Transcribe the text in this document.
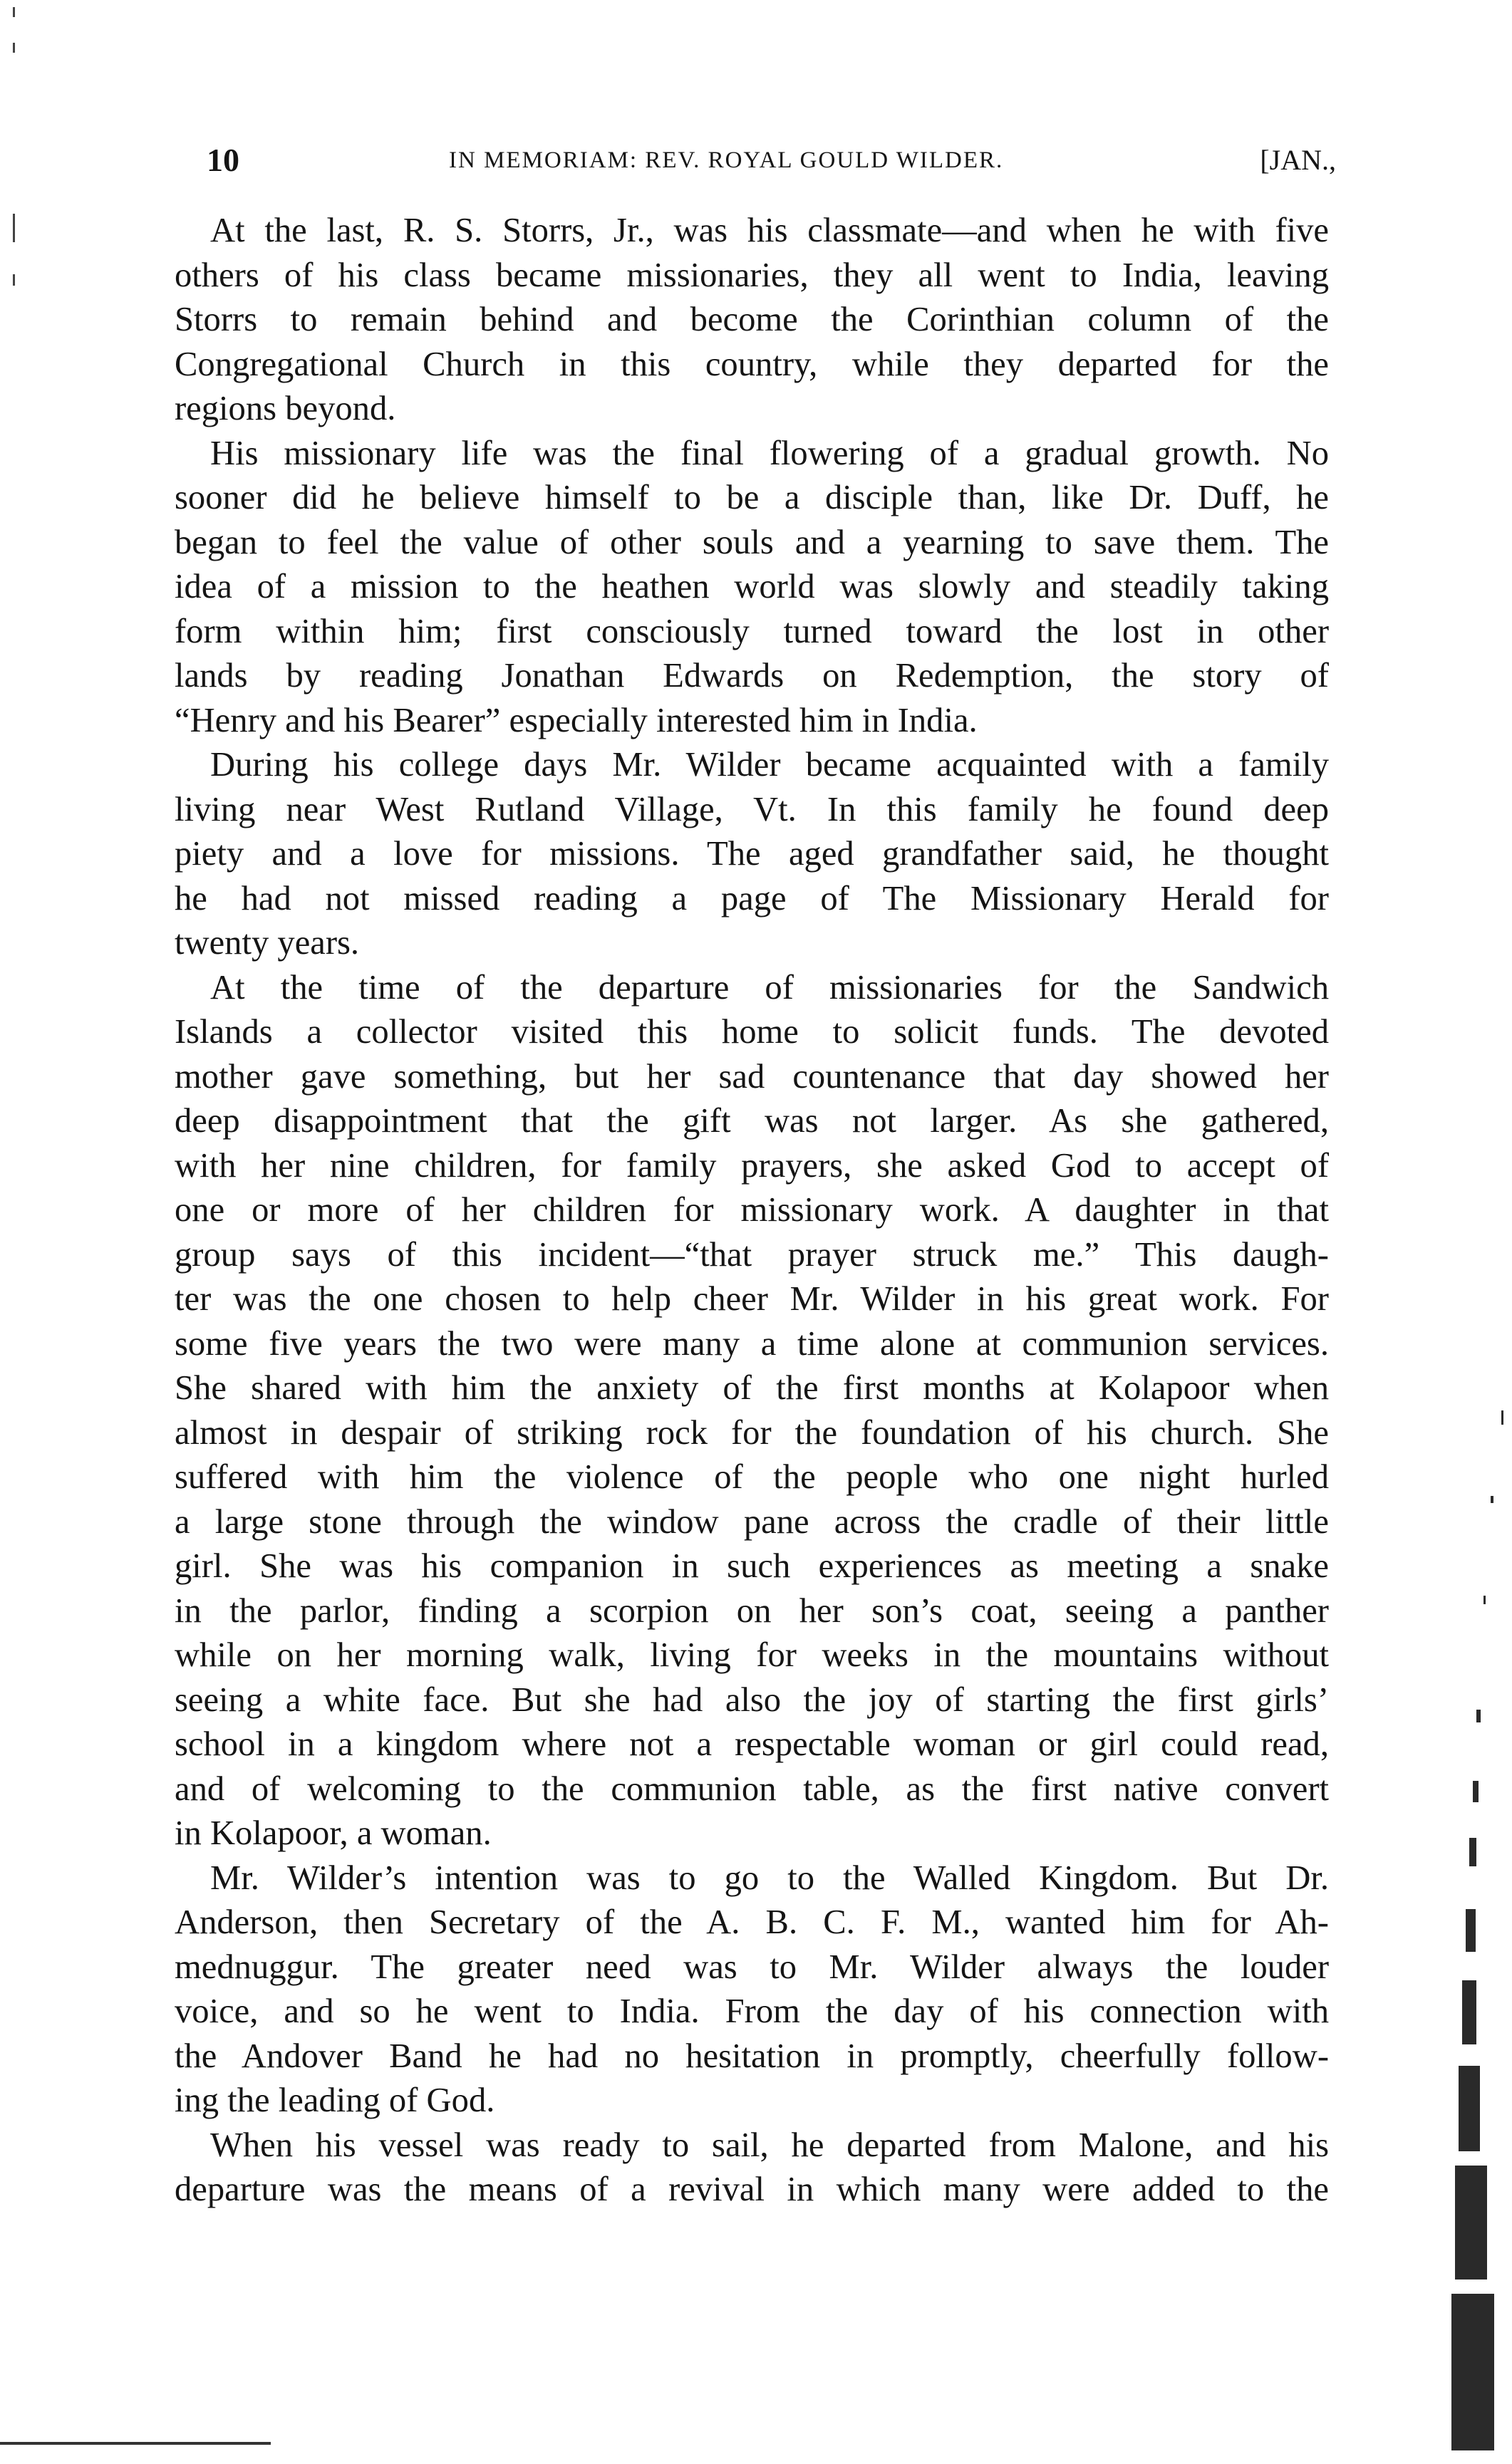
10	IN MEMORIAM: REV. ROYAL GOULD WILDER.	[JAN.,

At the last, R. S. Storrs, Jr., was his classmate—and when he with five
others of his class became missionaries, they all went to India, leaving
Storrs to remain behind and become the Corinthian column of the
Congregational Church in this country, while they departed for the
regions beyond.

His missionary life was the final flowering of a gradual growth. No
sooner did he believe himself to be a disciple than, like Dr. Duff, he
began to feel the value of other souls and a yearning to save them. The
idea of a mission to the heathen world was slowly and steadily taking
form within him; first consciously turned toward the lost in other
lands by reading Jonathan Edwards on Redemption, the story of
“Henry and his Bearer” especially interested him in India.

During his college days Mr. Wilder became acquainted with a family
living near West Rutland Village, Vt. In this family he found deep
piety and a love for missions. The aged grandfather said, he thought
he had not missed reading a page of The Missionary Herald for
twenty years.

At the time of the departure of missionaries for the Sandwich
Islands a collector visited this home to solicit funds. The devoted
mother gave something, but her sad countenance that day showed her
deep disappointment that the gift was not larger. As she gathered,
with her nine children, for family prayers, she asked God to accept of
one or more of her children for missionary work. A daughter in that
group says of this incident—“that prayer struck me.” This daugh-
ter was the one chosen to help cheer Mr. Wilder in his great work. For
some five years the two were many a time alone at communion services.
She shared with him the anxiety of the first months at Kolapoor when
almost in despair of striking rock for the foundation of his church. She
suffered with him the violence of the people who one night hurled
a large stone through the window pane across the cradle of their little
girl. She was his companion in such experiences as meeting a snake
in the parlor, finding a scorpion on her son’s coat, seeing a panther
while on her morning walk, living for weeks in the mountains without
seeing a white face. But she had also the joy of starting the first girls’
school in a kingdom where not a respectable woman or girl could read,
and of welcoming to the communion table, as the first native convert
in Kolapoor, a woman.

Mr. Wilder’s intention was to go to the Walled Kingdom. But Dr.
Anderson, then Secretary of the A. B. C. F. M., wanted him for Ah-
mednuggur. The greater need was to Mr. Wilder always the louder
voice, and so he went to India. From the day of his connection with
the Andover Band he had no hesitation in promptly, cheerfully follow-
ing the leading of God.

When his vessel was ready to sail, he departed from Malone, and his
departure was the means of a revival in which many were added to the
